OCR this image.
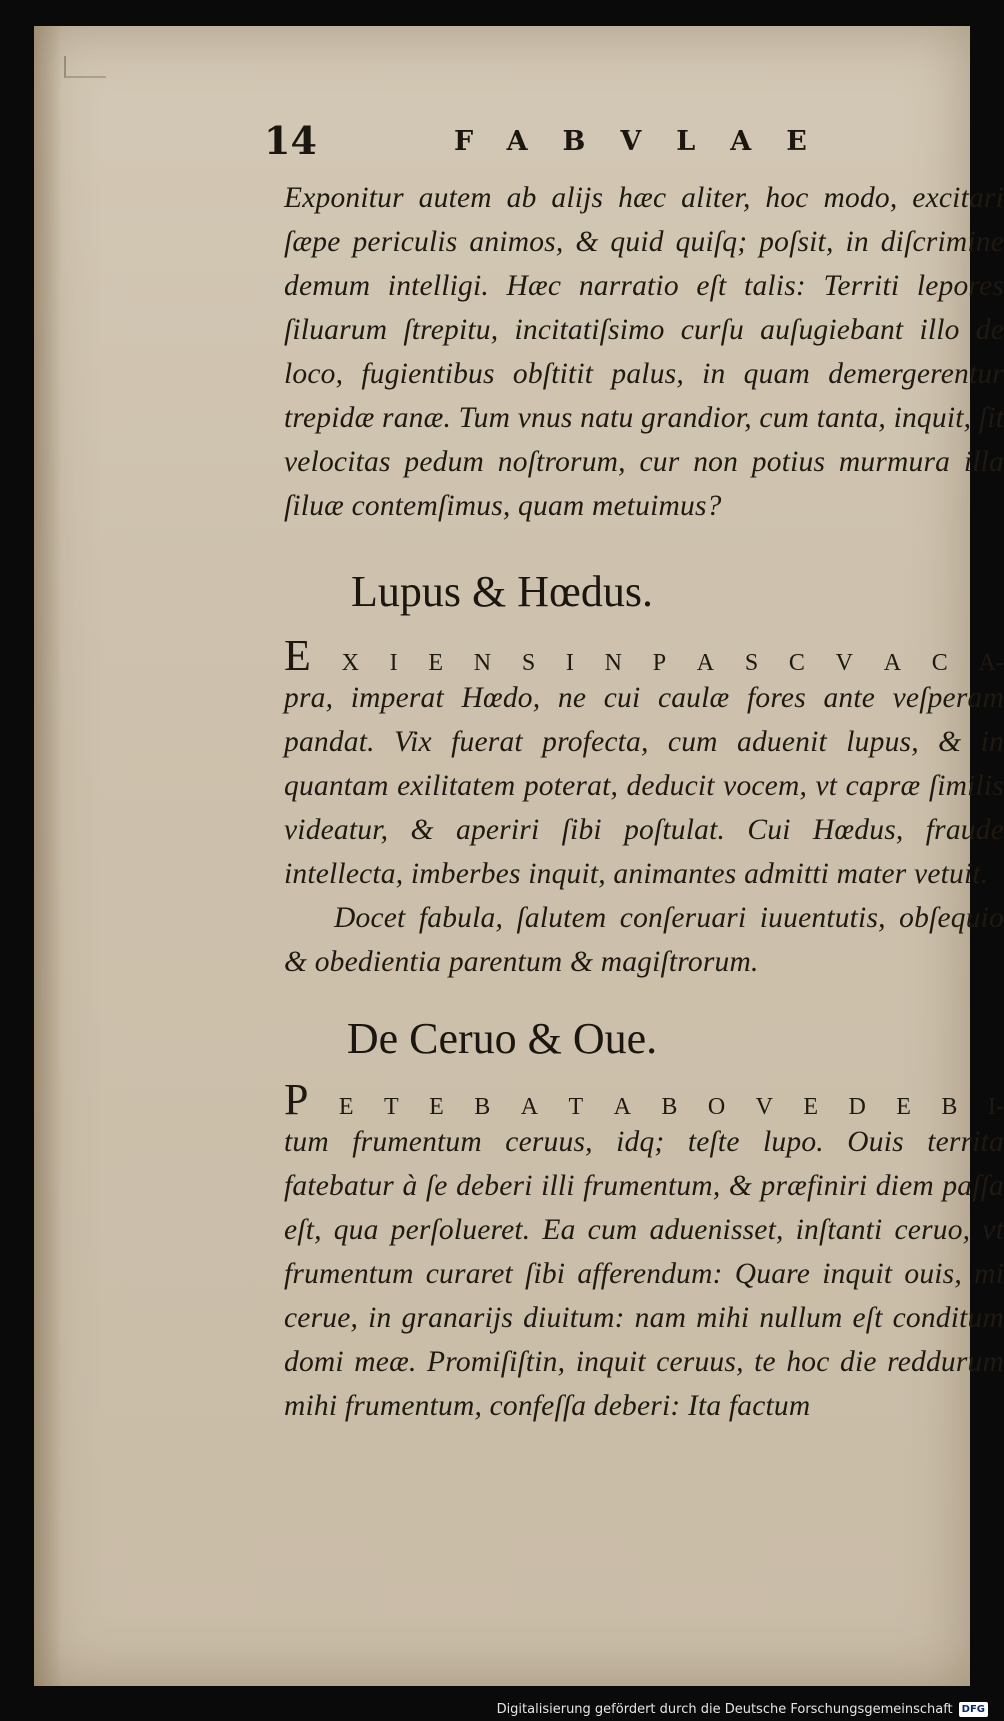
14	FABVLAE
Exponitur autem ab alijs hæc aliter, hoc modo, excitari ſæpe periculis animos, & quid quiſq; poſsit, in diſcrimine demum intelligi. Hæc narratio eſt talis: Territi lepores ſiluarum ſtrepitu, incitatiſsimo curſu auſugiebant illo de loco, fugientibus obſtitit palus, in quam demergerentur trepidæ ranæ. Tum vnus natu grandior, cum tanta, inquit, ſit velocitas pedum noſtrorum, cur non potius murmura illa ſiluæ contemſimus, quam metuimus?
Lupus & Hœdus.
E X I E N S I N P A S C V A C A-
pra, imperat Hœdo, ne cui caulæ fores ante veſperam pandat. Vix fuerat profecta, cum aduenit lupus, & in quantam exilitatem poterat, deducit vocem, vt capræ ſimilis videatur, & aperiri ſibi poſtulat. Cui Hœdus, fraude intellecta, imberbes inquit, animantes admitti mater vetuit.
Docet fabula, ſalutem conſeruari iuuentutis, obſequio & obedientia parentum & magiſtrorum.
De Ceruo & Oue.
P E T E B A T A B O V E D E B I-
tum frumentum ceruus, idq; teſte lupo. Ouis territa fatebatur à ſe deberi illi frumentum, & præfiniri diem paſſa eſt, qua perſolueret. Ea cum aduenisset, inſtanti ceruo, vt frumentum curaret ſibi afferendum: Quare inquit ouis, mi cerue, in granarijs diuitum: nam mihi nullum eſt conditum domi meæ. Promiſiſtin, inquit ceruus, te hoc die reddurum mihi frumentum, confeſſa deberi: Ita factum
Digitalisierung gefördert durch die Deutsche Forschungsgemeinschaft DFG
